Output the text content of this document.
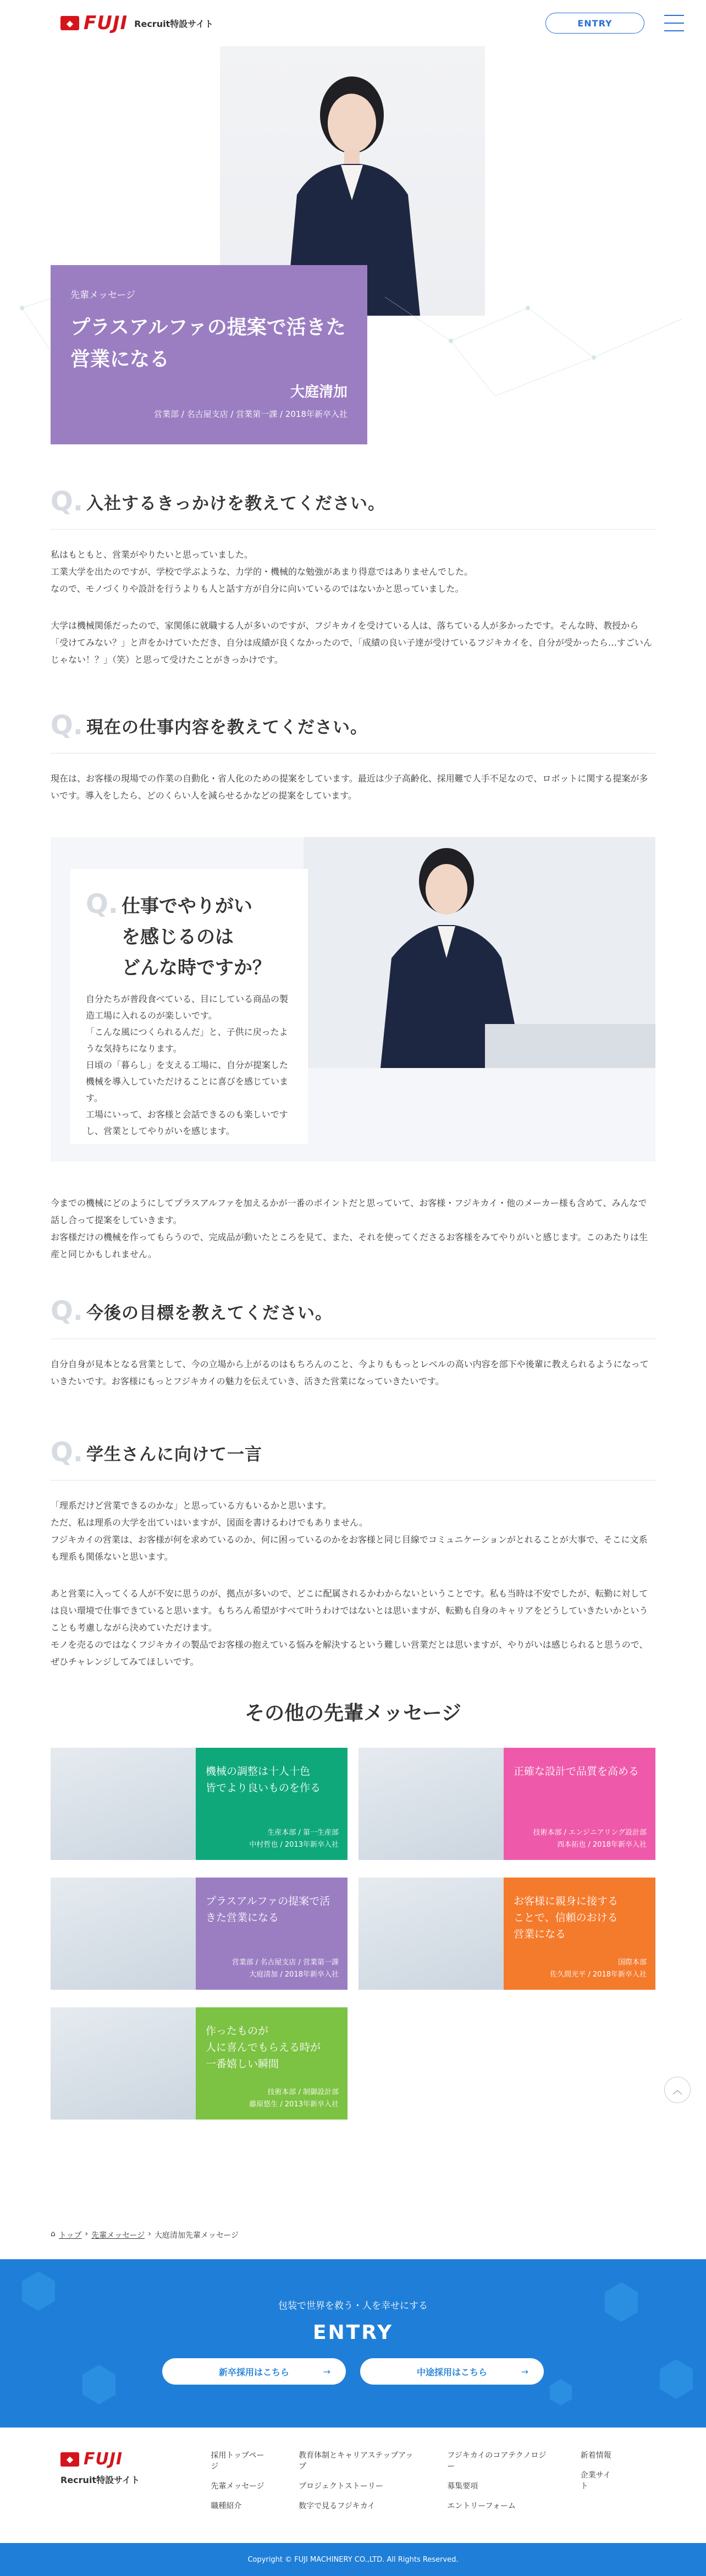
◆ FUJI Recruit特設サイト	ENTRY
先輩メッセージ
プラスアルファの提案で活きた
営業になる
大庭清加
営業部 / 名古屋支店 / 営業第一課 / 2018年新卒入社
Q. 入社するきっかけを教えてください。

私はもともと、営業がやりたいと思っていました。
工業大学を出たのですが、学校で学ぶような、力学的・機械的な勉強があまり得意ではありませんでした。
なので、モノづくりや設計を行うよりも人と話す方が自分に向いているのではないかと思っていました。

大学は機械関係だったので、家関係に就職する人が多いのですが、フジキカイを受けている人は、落ちている人が多かったです。そんな時、教授から「受けてみない？」と声をかけていただき、自分は成績が良くなかったので、「成績の良い子達が受けているフジキカイを、自分が受かったら…すごいんじゃない！？」（笑）と思って受けたことがきっかけです。

Q. 現在の仕事内容を教えてください。

現在は、お客様の現場での作業の自動化・省人化のための提案をしています。最近は少子高齢化、採用難で人手不足なので、ロボットに関する提案が多いです。導入をしたら、どのくらい人を減らせるかなどの提案をしています。

Q. 仕事でやりがい
を感じるのは
どんな時ですか？

自分たちが普段食べている、目にしている商品の製造工場に入れるのが楽しいです。
「こんな風につくられるんだ」と、子供に戻ったような気持ちになります。
日頃の「暮らし」を支える工場に、自分が提案した機械を導入していただけることに喜びを感じています。
工場にいって、お客様と会話できるのも楽しいですし、営業としてやりがいを感じます。

今までの機械にどのようにしてプラスアルファを加えるかが一番のポイントだと思っていて、お客様・フジキカイ・他のメーカー様も含めて、みんなで話し合って提案をしていきます。
お客様だけの機械を作ってもらうので、完成品が動いたところを見て、また、それを使ってくださるお客様をみてやりがいと感じます。このあたりは生産と同じかもしれません。

Q. 今後の目標を教えてください。

自分自身が見本となる営業として、今の立場から上がるのはもちろんのこと、今よりももっとレベルの高い内容を部下や後輩に教えられるようになっていきたいです。お客様にもっとフジキカイの魅力を伝えていき、活きた営業になっていきたいです。

Q. 学生さんに向けて一言

「理系だけど営業できるのかな」と思っている方もいるかと思います。
ただ、私は理系の大学を出ていはいますが、図面を書けるわけでもありません。
フジキカイの営業は、お客様が何を求めているのか、何に困っているのかをお客様と同じ目線でコミュニケーションがとれることが大事で、そこに文系も理系も関係ないと思います。

あと営業に入ってくる人が不安に思うのが、拠点が多いので、どこに配属されるかわからないということです。私も当時は不安でしたが、転勤に対しては良い環境で仕事できていると思います。もちろん希望がすべて叶うわけではないとは思いますが、転勤も自身のキャリアをどうしていきたいかということも考慮しながら決めていただけます。
モノを売るのではなくフジキカイの製品でお客様の抱えている悩みを解決するという難しい営業だとは思いますが、やりがいは感じられると思うので、ぜひチャレンジしてみてほしいです。

その他の先輩メッセージ
機械の調整は十人十色
皆でより良いものを作る
生産本部 / 第一生産部
中村哲也 / 2013年新卒入社
正確な設計で品質を高める
技術本部 / エンジニアリング設計部
西本拓也 / 2018年新卒入社
プラスアルファの提案で活
きた営業になる
営業部 / 名古屋支店 / 営業第一課
大庭清加 / 2018年新卒入社
お客様に親身に接する
ことで、信頼のおける
営業になる
国際本部
佐久間光平 / 2018年新卒入社
作ったものが
人に喜んでもらえる時が
一番嬉しい瞬間
技術本部 / 制御設計部
藤原悠生 / 2013年新卒入社
︿
⌂ トップ › 先輩メッセージ › 大庭清加先輩メッセージ
包装で世界を救う・人を幸せにする
ENTRY
新卒採用はこちら	→	中途採用はこちら	→
◆ FUJI
Recruit特設サイト
採用トップページ
先輩メッセージ
職種紹介
教育体制とキャリアステップアップ
プロジェクトストーリー
数字で見るフジキカイ
フジキカイのコアテクノロジー
募集要項
エントリーフォーム
新着情報
企業サイト
Copyright © FUJI MACHINERY CO.,LTD. All Rights Reserved.
